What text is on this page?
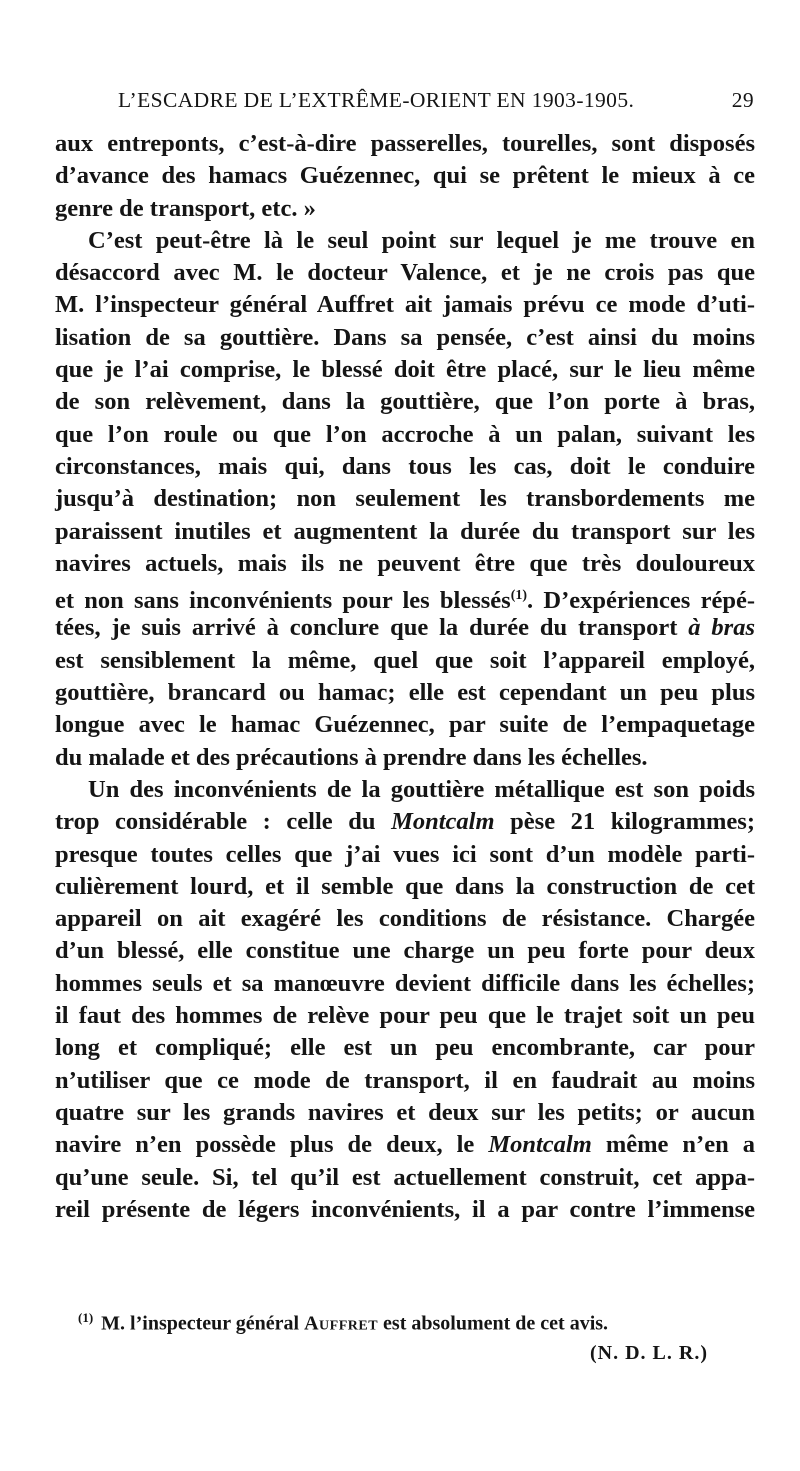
L’ESCADRE DE L’EXTRÊME-ORIENT EN 1903-1905.	29
aux entreponts, c’est-à-dire passerelles, tourelles, sont disposés
d’avance des hamacs Guézennec, qui se prêtent le mieux à ce
genre de transport, etc. »
C’est peut-être là le seul point sur lequel je me trouve en
désaccord avec M. le docteur Valence, et je ne crois pas que
M. l’inspecteur général Auffret ait jamais prévu ce mode d’uti-
lisation de sa gouttière. Dans sa pensée, c’est ainsi du moins
que je l’ai comprise, le blessé doit être placé, sur le lieu même
de son relèvement, dans la gouttière, que l’on porte à bras,
que l’on roule ou que l’on accroche à un palan, suivant les
circonstances, mais qui, dans tous les cas, doit le conduire
jusqu’à destination; non seulement les transbordements me
paraissent inutiles et augmentent la durée du transport sur les
navires actuels, mais ils ne peuvent être que très douloureux
et non sans inconvénients pour les blessés$^{(1)}$. D’expériences répé-
tées, je suis arrivé à conclure que la durée du transport à bras
est sensiblement la même, quel que soit l’appareil employé,
gouttière, brancard ou hamac; elle est cependant un peu plus
longue avec le hamac Guézennec, par suite de l’empaquetage
du malade et des précautions à prendre dans les échelles.
Un des inconvénients de la gouttière métallique est son poids
trop considérable : celle du Montcalm pèse 21 kilogrammes;
presque toutes celles que j’ai vues ici sont d’un modèle parti-
culièrement lourd, et il semble que dans la construction de cet
appareil on ait exagéré les conditions de résistance. Chargée
d’un blessé, elle constitue une charge un peu forte pour deux
hommes seuls et sa manœuvre devient difficile dans les échelles;
il faut des hommes de relève pour peu que le trajet soit un peu
long et compliqué; elle est un peu encombrante, car pour
n’utiliser que ce mode de transport, il en faudrait au moins
quatre sur les grands navires et deux sur les petits; or aucun
navire n’en possède plus de deux, le Montcalm même n’en a
qu’une seule. Si, tel qu’il est actuellement construit, cet appa-
reil présente de légers inconvénients, il a par contre l’immense
$^{(1)}$ M. l’inspecteur général Auffret est absolument de cet avis.
(N. D. L. R.)
